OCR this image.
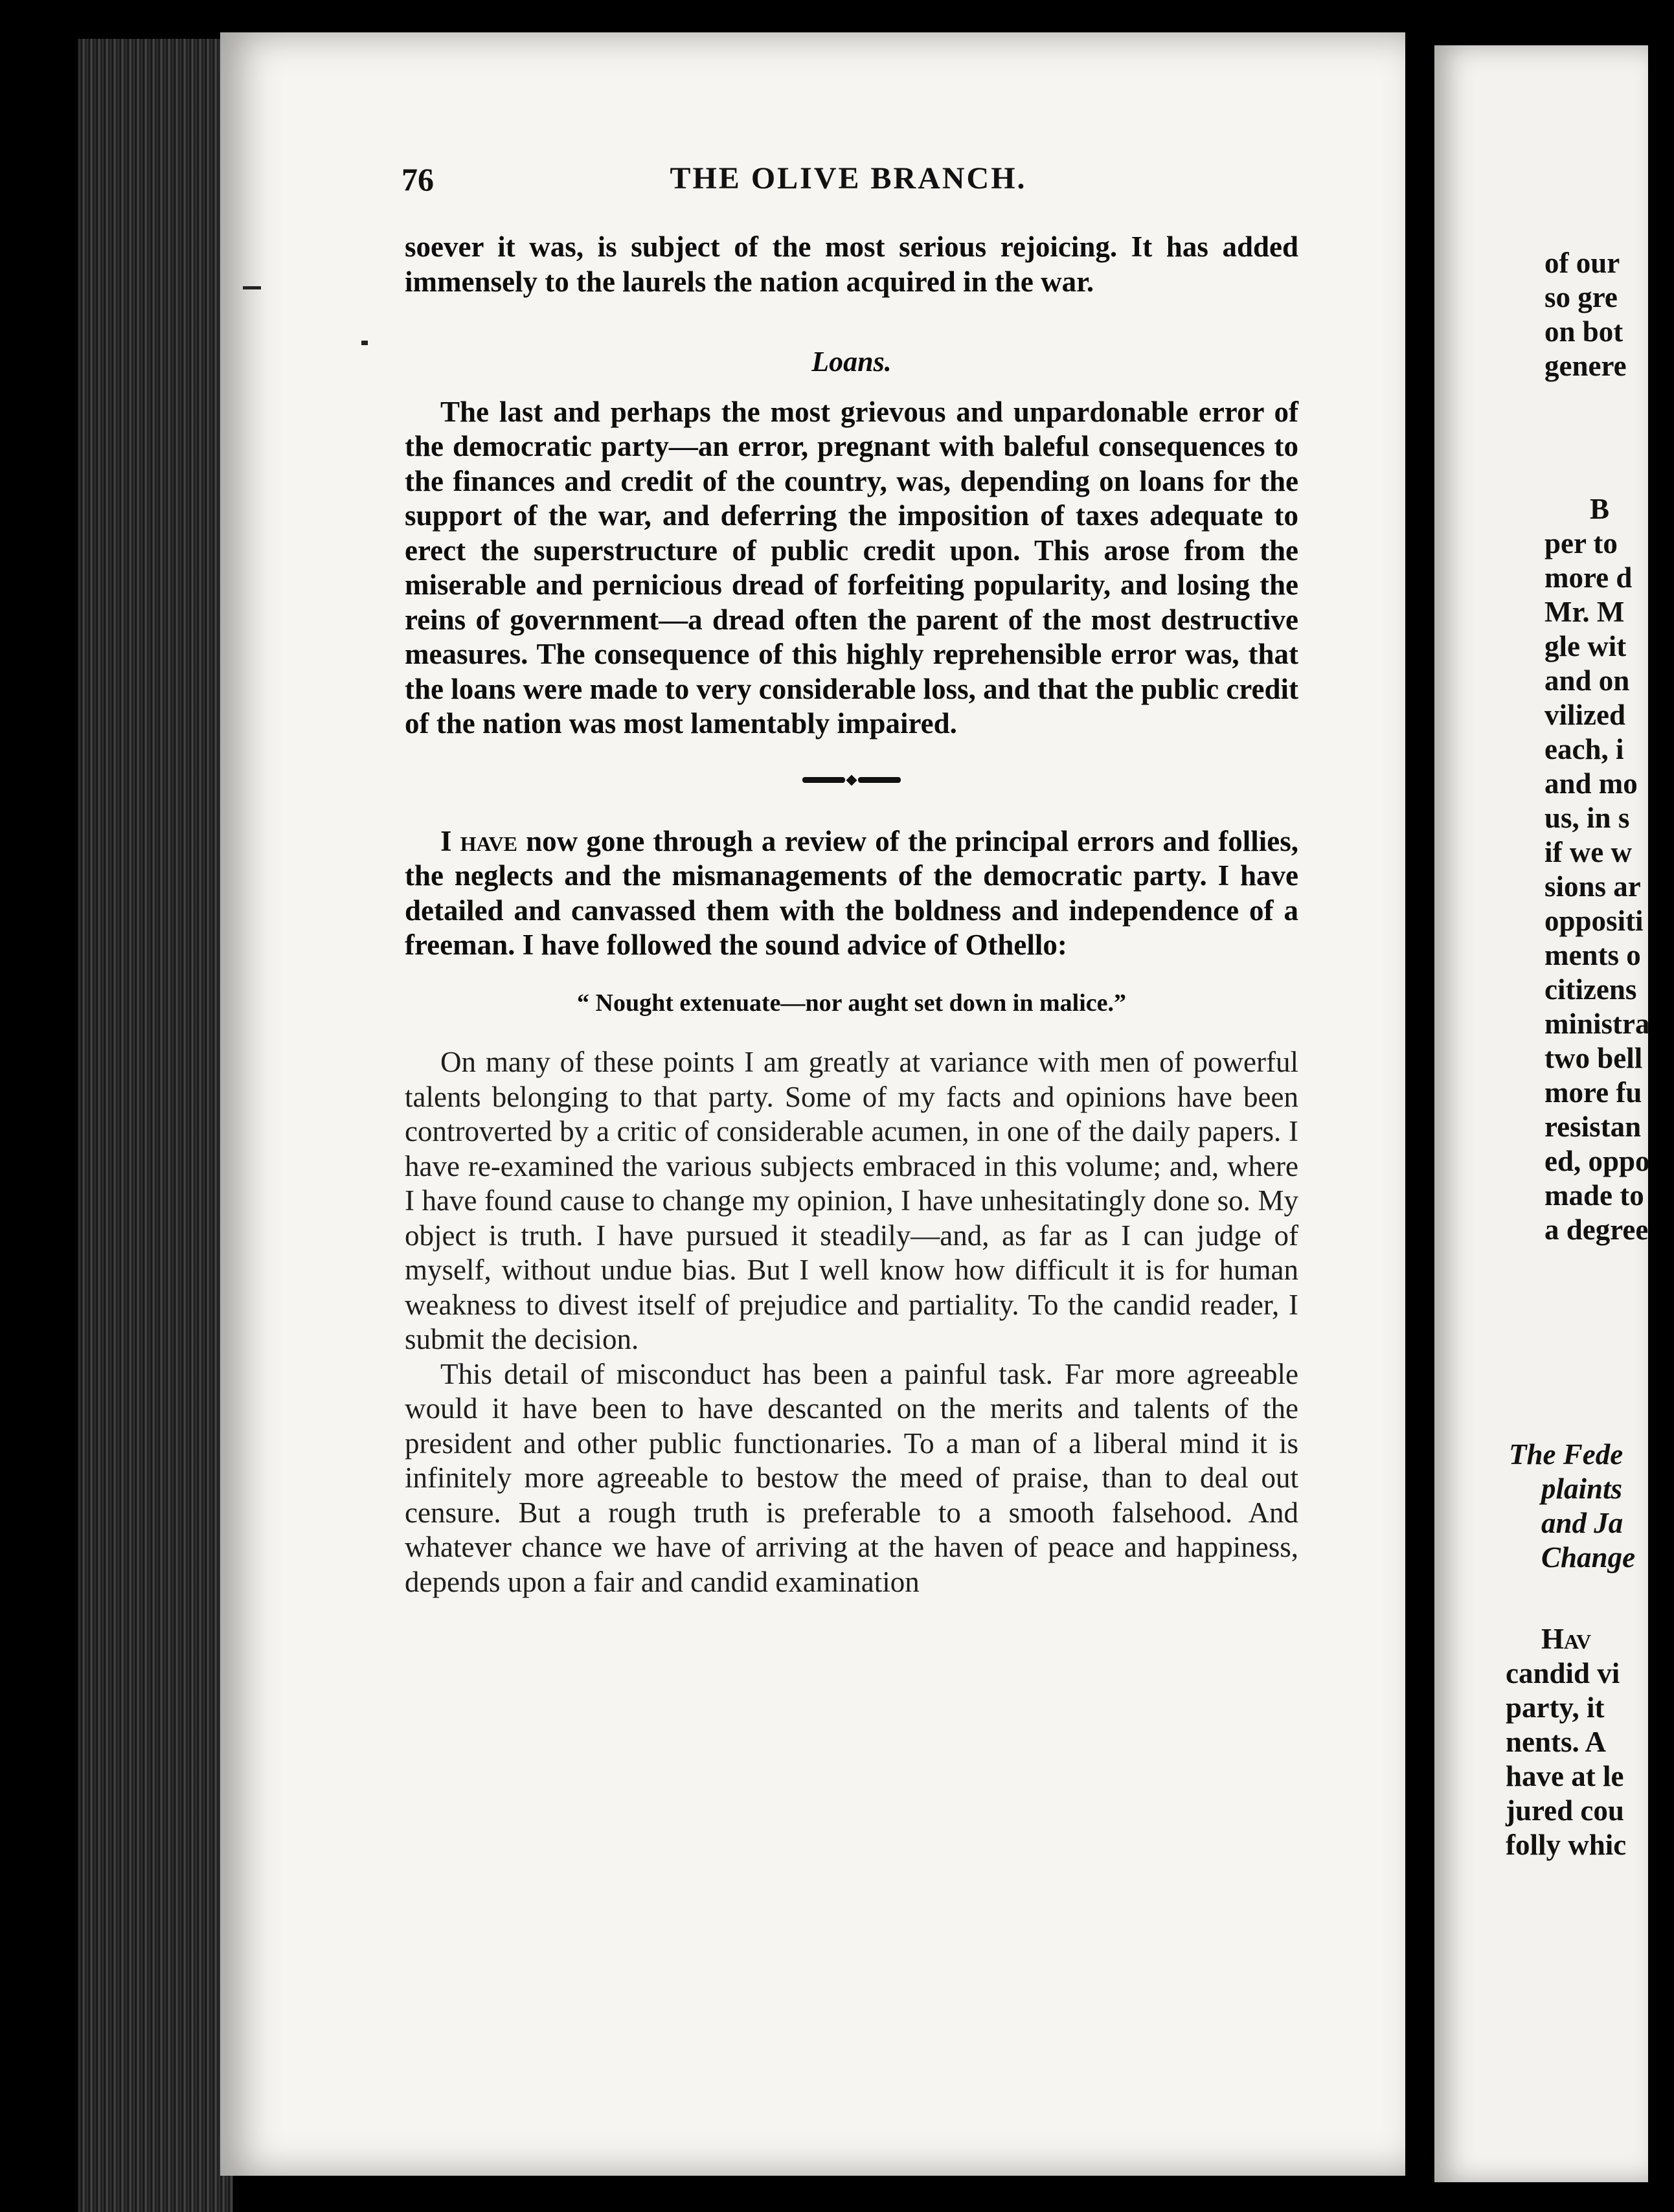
76	THE OLIVE BRANCH.

soever it was, is subject of the most serious rejoicing. It has added immensely to the laurels the nation acquired in the war.

Loans.

The last and perhaps the most grievous and unpardonable error of the democratic party—an error, pregnant with baleful consequences to the finances and credit of the country, was, depending on loans for the support of the war, and deferring the imposition of taxes adequate to erect the superstructure of public credit upon. This arose from the miserable and pernicious dread of forfeiting popularity, and losing the reins of government—a dread often the parent of the most destructive measures. The consequence of this highly reprehensible error was, that the loans were made to very considerable loss, and that the public credit of the nation was most lamentably impaired.

I have now gone through a review of the principal errors and follies, the neglects and the mismanagements of the democratic party. I have detailed and canvassed them with the boldness and independence of a freeman. I have followed the sound advice of Othello:

“ Nought extenuate—nor aught set down in malice.”

On many of these points I am greatly at variance with men of powerful talents belonging to that party. Some of my facts and opinions have been controverted by a critic of considerable acumen, in one of the daily papers. I have re-examined the various subjects embraced in this volume; and, where I have found cause to change my opinion, I have unhesitatingly done so. My object is truth. I have pursued it steadily—and, as far as I can judge of myself, without undue bias. But I well know how difficult it is for human weakness to divest itself of prejudice and partiality. To the candid reader, I submit the decision.

This detail of misconduct has been a painful task. Far more agreeable would it have been to have descanted on the merits and talents of the president and other public functionaries. To a man of a liberal mind it is infinitely more agreeable to bestow the meed of praise, than to deal out censure. But a rough truth is preferable to a smooth falsehood. And whatever chance we have of arriving at the haven of peace and happiness, depends upon a fair and candid examination

of our
so gre
on bot
genere
B
per to
more d
Mr. M
gle wit
and on
vilized
each, i
and mo
us, in s
if we w
sions ar
oppositi
ments o
citizens
ministra
two bell
more fu
resistan
ed, oppo
made to
a degree
The Fede
plaints
and Ja
Change
Hav
candid vi
party, it
nents. A
have at le
jured cou
folly whic
